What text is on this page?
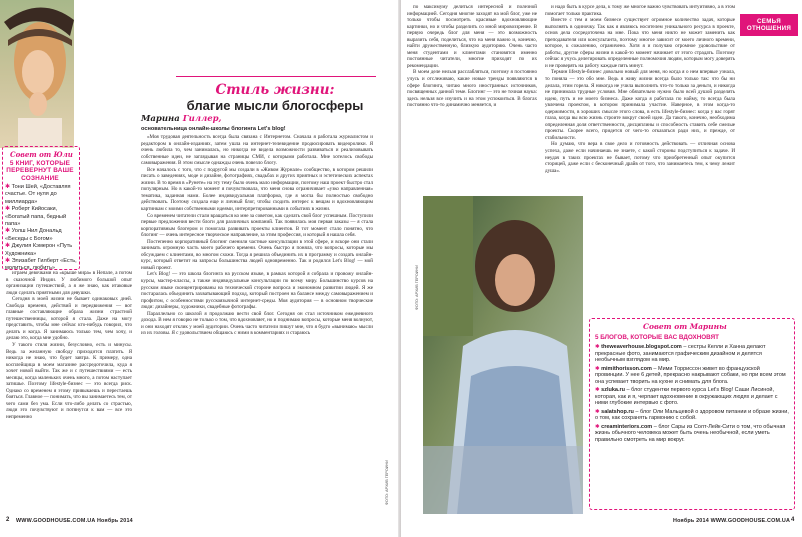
Совет от Юли
5 КНИГ, КОТОРЫЕ ПЕРЕВЕРНУТ ВАШЕ СОЗНАНИЕ
✱ Тони Шей, «Доставляя счастье. От нуля до миллиарда»
✱ Роберт Кийосаки, «Богатый папа, бедный папа»
✱ Уолш Нил Дональд «Беседы с Богом»
✱ Джулия Кэмерон «Путь Художника»
✱ Элизабет Гилберт «Есть, молиться, любить»

играем девочками на «крыше мира» в Непале, а потом в сказочной Индии. У любимого большой опыт организации путешествий, а я же знаю, как итаковые люди сделать приятными для девушки.

Сегодня в моей жизни не бывает одинаковых дней. Свобода времени, действий и передвижения — вот главные составляющие образа жизни страстной путешественницы, которой я стала. Даже на могу представить, чтобы мне сейчас кто-нибудь говорил, что делать и когда. Я занимаюсь только тем, чем хочу, и делаю это, когда мне удобно.

У такого стиля жизни, безусловно, есть и минусы. Ведь за желанную свободу приходится платить. Я никогда не знаю, что будет завтра. К примеру, одна косплейщица в моем магазине рассредоточила, куда я хочет новой выйти. Так же и с путешествиями — есть месяцы, когда маленьких очень много, а потом наступает затишье. Поэтому lifestyle-бизнес — это всегда риск. Однако со временем я этому привыкаешь и перестаешь бояться. Главное — понимать, что вы занимаетесь тем, от чего сами без ума. Если что-либо делать со страстью, люди это почувствуют и потянутся к вам — все это непременно

Стиль жизни:
благие мысли блогосферы
Марина Гиллер,
основательница онлайн-школы блогинга Let's blog!

«Моя трудовая деятельность всегда была связана с Интернетом. Сначала я работала журналистом и редактором в онлайн-изданиях, затем ушла на интернет-телевидение продюсировать видеоролики. Я очень любила то, чем занималась, но никогда не видела возможности развиваться и реализовывать собственные идеи, не заглядывая на страницы СМИ, с которыми работала. Мне хотелось свободы самовыражения. В этом смысле однажды очень повезло блогу.

Все началось с того, что с подругой мы создали в «Живом Журнале» сообщество, в котором решили писать о заведениях, моде и дизайне, фотографиях, свадьбах и других приятных и эстетических аспектах жизни. В то время в «Рунете» на эту тему было очень мало информации, поэтому наш проект быстро стал популярным. Но в какой-то момент я почувствовала, что меня снова ограничивает «узко направленная» тематика, заданная нами. Более индивидуальная платформа, где я могла бы полностью свободно действовать. Поэтому создала еще и личный блог, чтобы сходить интерес к вещам и вдохновляющим картинкам с моими собственными идеями, интерпретированными в событиях в жизни.

Со временем читатели стали вращаться ко мне за советом, как сделать свой блог успешным. Поступили первые предложения вести блоги для различных компаний. Так появилась моя первая заказы — я стала корпоративным блогером и помогала развивать проекты клиентов. В тот момент стало понятно, что блогинг — очень интересное творческое направление, за этим профессия, и который я нашла себя.

Постепенно корпоративный блогинг сменили частные консультации в этой сфере, и вскоре они стали занимать огромную часть моего рабочего времени. Очень быстро я поняла, что вопросы, которые мы обсуждаем с клиентами, во многом схожи. Тогда я решила объединить их в программу и создать онлайн-курс, который ответит на запросы большинства людей одновременно. Так и родился Let's Blog! — мой новый проект.

Let's Blog! — это школа блогинга на русском языке, в рамках которой я собрала и провожу онлайн-курсы, мастер-классы, а также индивидуальные консультации по всему миру. Большинство курсов на русском языке сконцентрированы на технической стороне вопроса и экономном развитии людей. Я же постаралась объединить захватывающий подход, который построен на балансе между самовыражением и профитом, с особенностями русскоязычной интернет-среды. Моя аудитория — в основном творческие люди: дизайнеры, художники, свадебные фотографы.

Параллельно со школой я продолжаю вести свой блог. Сегодня он стал источником ежедневного дохода. В нем я говорю не только о том, что вдохновляет, но и поднимаю вопросы, которые меня волнуют, и они находят отклик у моей аудитории. Очень часто читатели пишут мне, что я будто «вынимаю» мысли из их головы. Я с удовольствием общаюсь с ними в комментариях и стараюсь

ФОТО: АРХИВ ГЕРОИНИ
2 WWW.GOODHOUSE.COM.UA Ноябрь 2014

по максимуму делиться интересной и полезной информацией. Сегодня многие заходят на мой блог, уже не только чтобы посмотреть красивые вдохновляющие картинки, но и чтобы разделить со мной мировоззрение. В первую очередь блог для меня — это возможность выразить себя, поделиться, что на меня важно и, конечно, найти дружественную, близкую аудиторию. Очень часто меня студентами и клиентами становятся именно постоянные читатели, многие приходят по их рекомендации.

В моем деле нельзя расслабляться, поэтому я постоянно учусь и отслеживаю, какие новые тренды появляются в сфере блогинга, читаю много иностранных источников, посвященных данной теме. Блогинг — это не точная наука: здесь нельзя все изучить и на этом успокоиться. В блогах постоянно что-то динамично меняется, и

и надо быть в курсе дела, к тому же многое важно чувствовать интуитивно, а в этом помогает только практика.

Вместе с тем я моем бизнесе существует огромное количество задач, которые выполнять в одиночку. Так как я являюсь носителем уникального ресурса в проекте, основ дела сосредоточена на мне. Пока что меня никто не может заменить как преподавателя или консультанта, поэтому многое зависит от моего личного времени, которое, к сожалению, ограничено. Хотя я и получаю огромное удовольствие от работы, другие сферы жизни в какой-то момент начинает от этого страдать. Поэтому сейчас я учусь делегировать определенные полномочия людям, которым могу доверять и не проверять на работу каждые пять минут.

Термин lifestyle-бизнес довольно новый для меня, но когда я о нем впервые узнала, то поняла — это обо мне. Ведь я живу жизни всегда было только так: что бы ни делала, этим горела. Я никогда не учила выполнить что-то только за деньги, и никогда не принимала трудные условия. Мне обязательно нужно было всей душой разделять идею, путь и не моего бизнеса. Даже когда я работала по найму, то всегда была увлечена проектом, в котором принимала участие. Наверное, в этом когда-то одержимости, в хороших смысле этого слова, в есть lifestyle-бизнес: когда у вас горят глаза, когда вы всю жизнь строите вокруг своей идеи. Да такого, конечно, необходима определенная доля ответственности, дисциплины и способность ставить себе смелые проекты. Скорее всего, придется от чего-то отказаться ради них, и прежде, от стабильности.

Но думаю, что вера в свое дело и готовность действовать — отличная основа успеха, даже если начинаешь не знаете, с какой стороны подступиться к задаче. И неудач в таких проектах не бывает, потому что приобретенный опыт окупится сторицей, даже если с бесконечный драйв от того, что занимаетесь тем, к чему лежит душа».

ФОТО: АРХИВ ГЕРОИНИ
Совет от Марины
5 БЛОГОВ, КОТОРЫЕ ВАС ВДОХНОВЯТ
✱ theweaverhouse.blogspot.com – сестры Келли и Ханна делают прекрасные фото, занимаются графическим дизайном и делятся необычным взглядом на мир.
✱ mimithorisson.com – Мими Торриссон живет во французской провинции. У нее 6 детей, прекрасно накрывают собаки, но при всем этом она успевает творить на кухне и снимать для блога.
✱ szluka.ru – блог студентки первого курса Let's Blog! Саши Лисиной, которая, как и я, черпает вдохновение в окружающих людях и делает с ними глубокие интервью с фото.
✱ salatshop.ru – блог Оли Мальцевой о здоровом питании и образе жизни, о том, как сохранять гармонию с собой.
✱ creaminteriors.com – блог Сары из Солт-Лейк-Сити о том, что обычная жизнь обычного человека может быть очень необычной, если уметь правильно смотреть на мир вокруг.
Ноябрь 2014 WWW.GOODHOUSE.COM.UA 4
СЕМЬЯ
ОТНОШЕНИЯ
